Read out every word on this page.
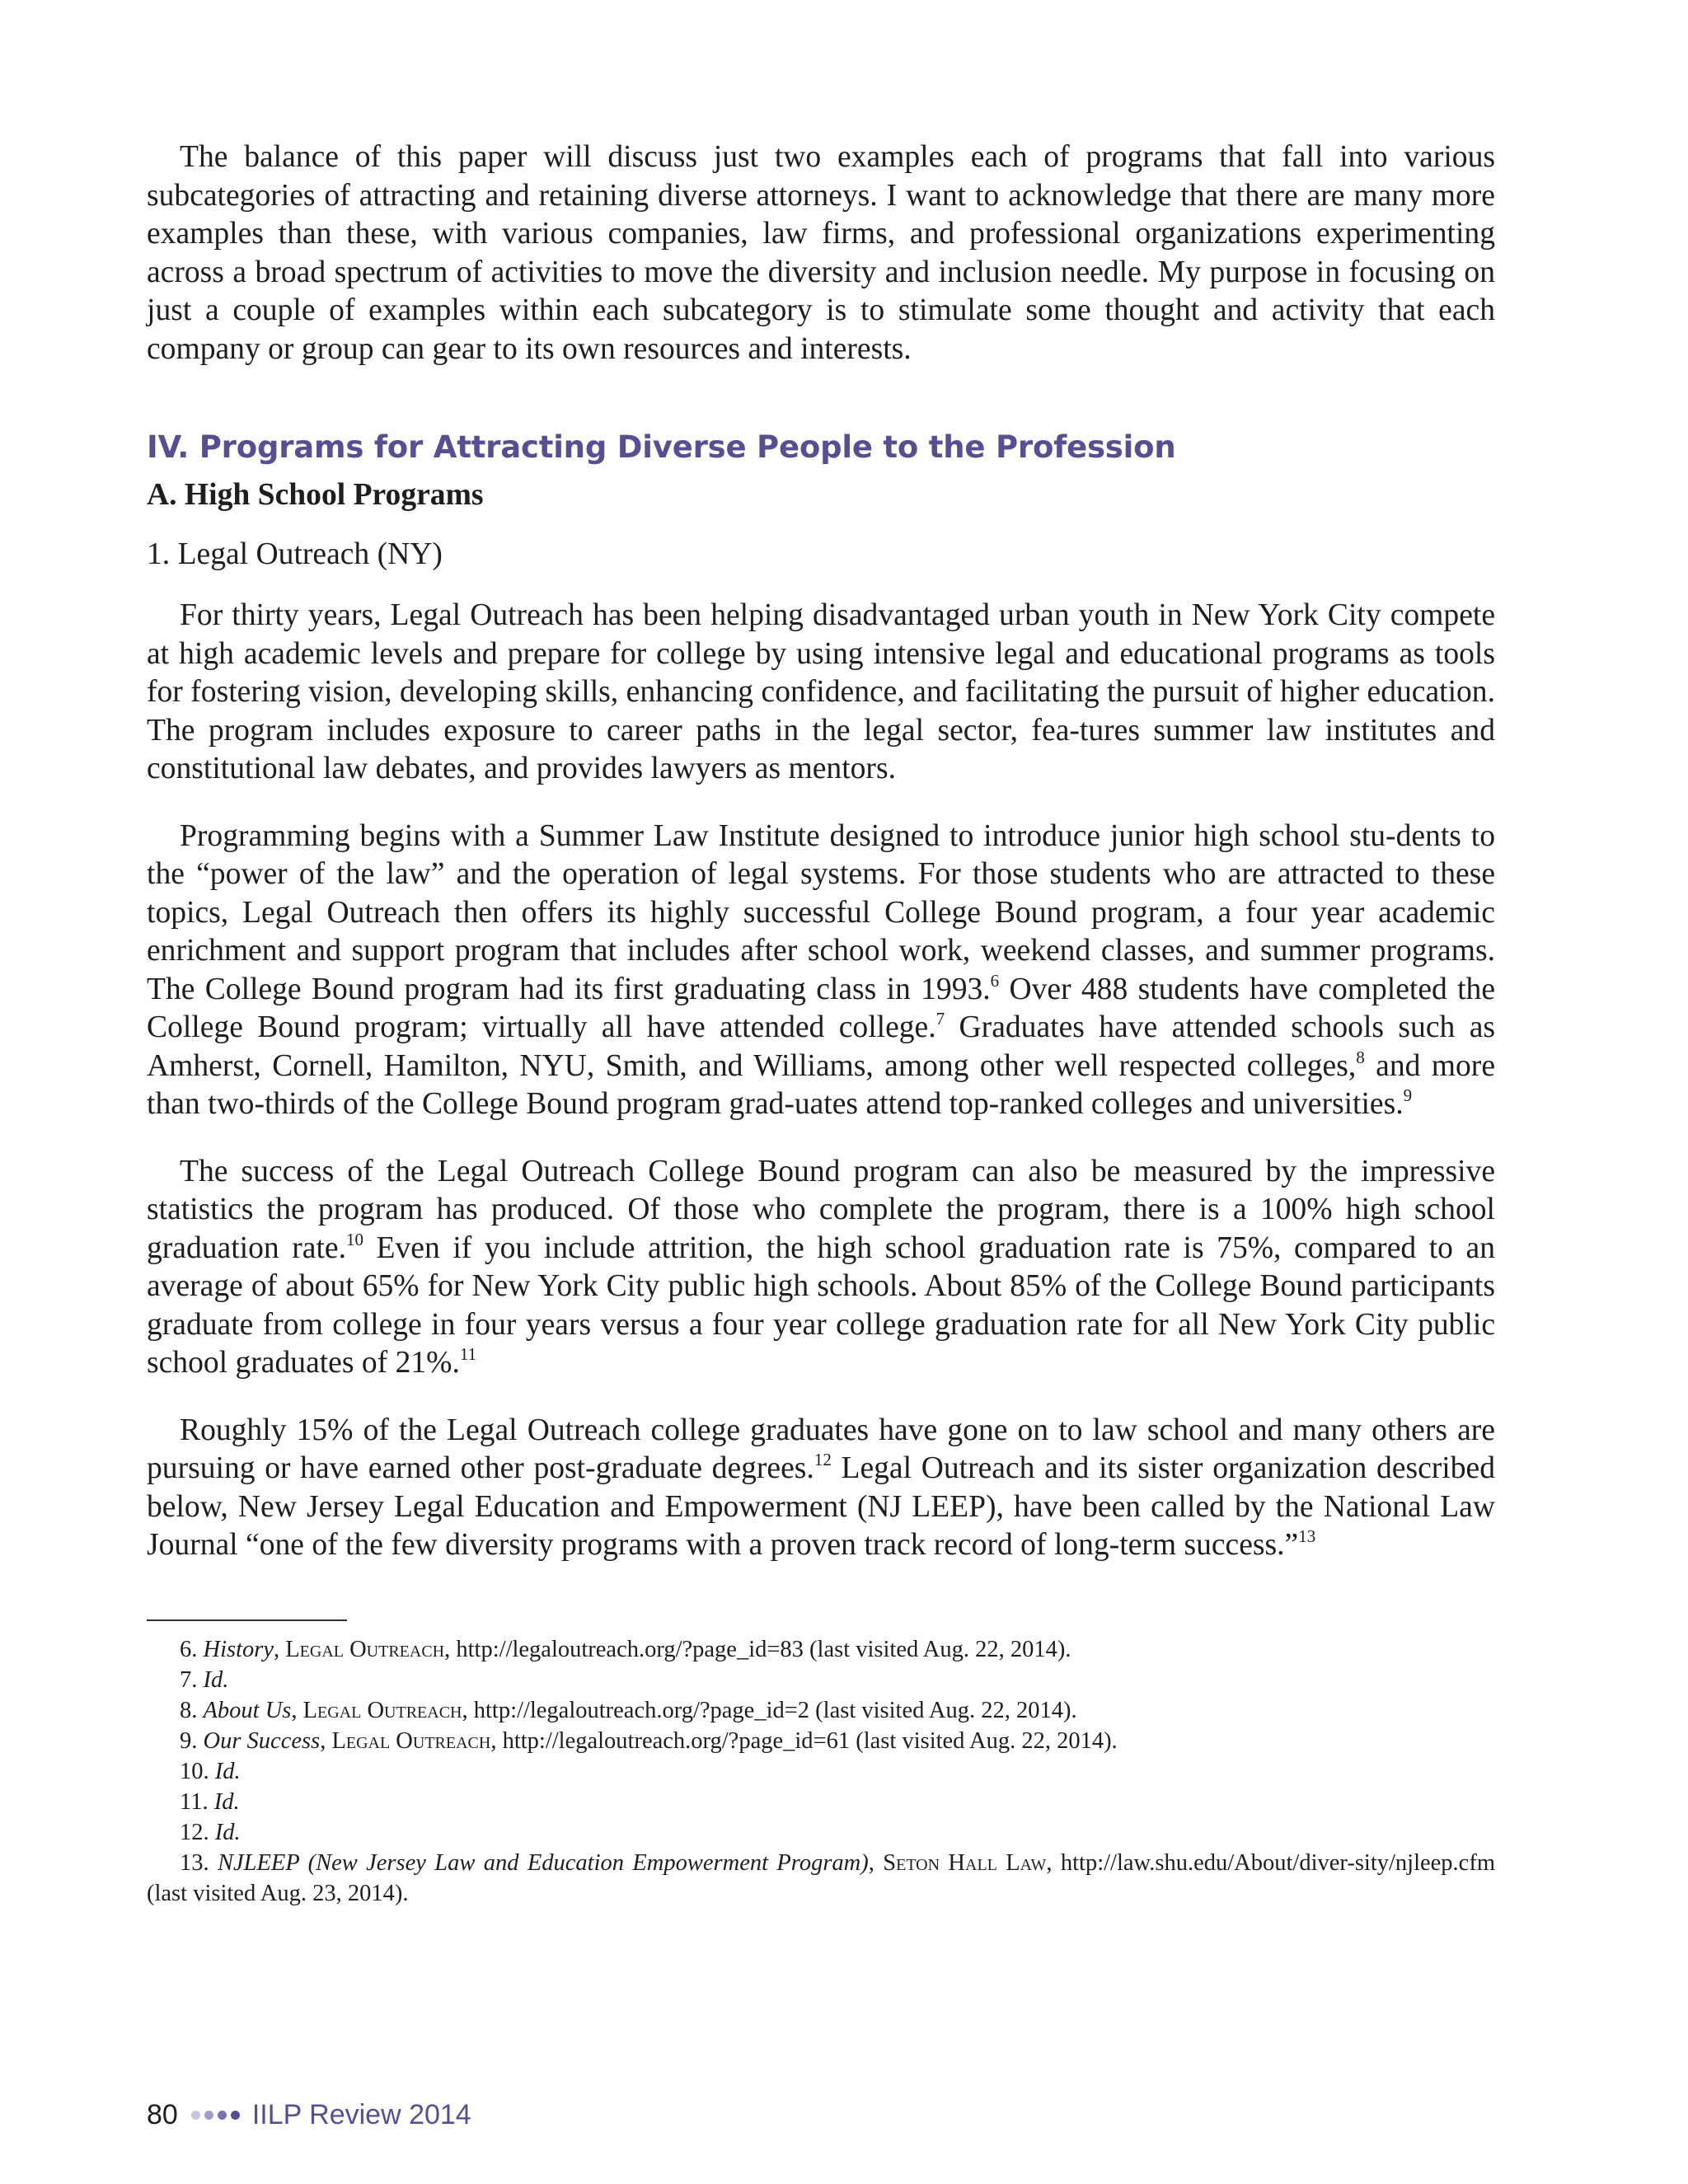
The balance of this paper will discuss just two examples each of programs that fall into various subcategories of attracting and retaining diverse attorneys. I want to acknowledge that there are many more examples than these, with various companies, law firms, and professional organizations experimenting across a broad spectrum of activities to move the diversity and inclusion needle. My purpose in focusing on just a couple of examples within each subcategory is to stimulate some thought and activity that each company or group can gear to its own resources and interests.

IV. Programs for Attracting Diverse People to the Profession
A. High School Programs
1. Legal Outreach (NY)

For thirty years, Legal Outreach has been helping disadvantaged urban youth in New York City compete at high academic levels and prepare for college by using intensive legal and educational programs as tools for fostering vision, developing skills, enhancing confidence, and facilitating the pursuit of higher education. The program includes exposure to career paths in the legal sector, fea-tures summer law institutes and constitutional law debates, and provides lawyers as mentors.

Programming begins with a Summer Law Institute designed to introduce junior high school stu-dents to the “power of the law” and the operation of legal systems. For those students who are attracted to these topics, Legal Outreach then offers its highly successful College Bound program, a four year academic enrichment and support program that includes after school work, weekend classes, and summer programs. The College Bound program had its first graduating class in 1993.$^6$ Over 488 students have completed the College Bound program; virtually all have attended college.$^7$ Graduates have attended schools such as Amherst, Cornell, Hamilton, NYU, Smith, and Williams, among other well respected colleges,$^8$ and more than two-thirds of the College Bound program grad-uates attend top-ranked colleges and universities.$^9$

The success of the Legal Outreach College Bound program can also be measured by the impressive statistics the program has produced. Of those who complete the program, there is a 100% high school graduation rate.$^{10}$ Even if you include attrition, the high school graduation rate is 75%, compared to an average of about 65% for New York City public high schools. About 85% of the College Bound participants graduate from college in four years versus a four year college graduation rate for all New York City public school graduates of 21%.$^{11}$

Roughly 15% of the Legal Outreach college graduates have gone on to law school and many others are pursuing or have earned other post-graduate degrees.$^{12}$ Legal Outreach and its sister organization described below, New Jersey Legal Education and Empowerment (NJ LEEP), have been called by the National Law Journal “one of the few diversity programs with a proven track record of long-term success.”$^{13}$

6. History, Legal Outreach, http://legaloutreach.org/?page_id=83 (last visited Aug. 22, 2014).

7. Id.

8. About Us, Legal Outreach, http://legaloutreach.org/?page_id=2 (last visited Aug. 22, 2014).

9. Our Success, Legal Outreach, http://legaloutreach.org/?page_id=61 (last visited Aug. 22, 2014).

10. Id.

11. Id.

12. Id.

13. NJLEEP (New Jersey Law and Education Empowerment Program), Seton Hall Law, http://law.shu.edu/About/diver-sity/njleep.cfm (last visited Aug. 23, 2014).

80	IILP Review 2014
